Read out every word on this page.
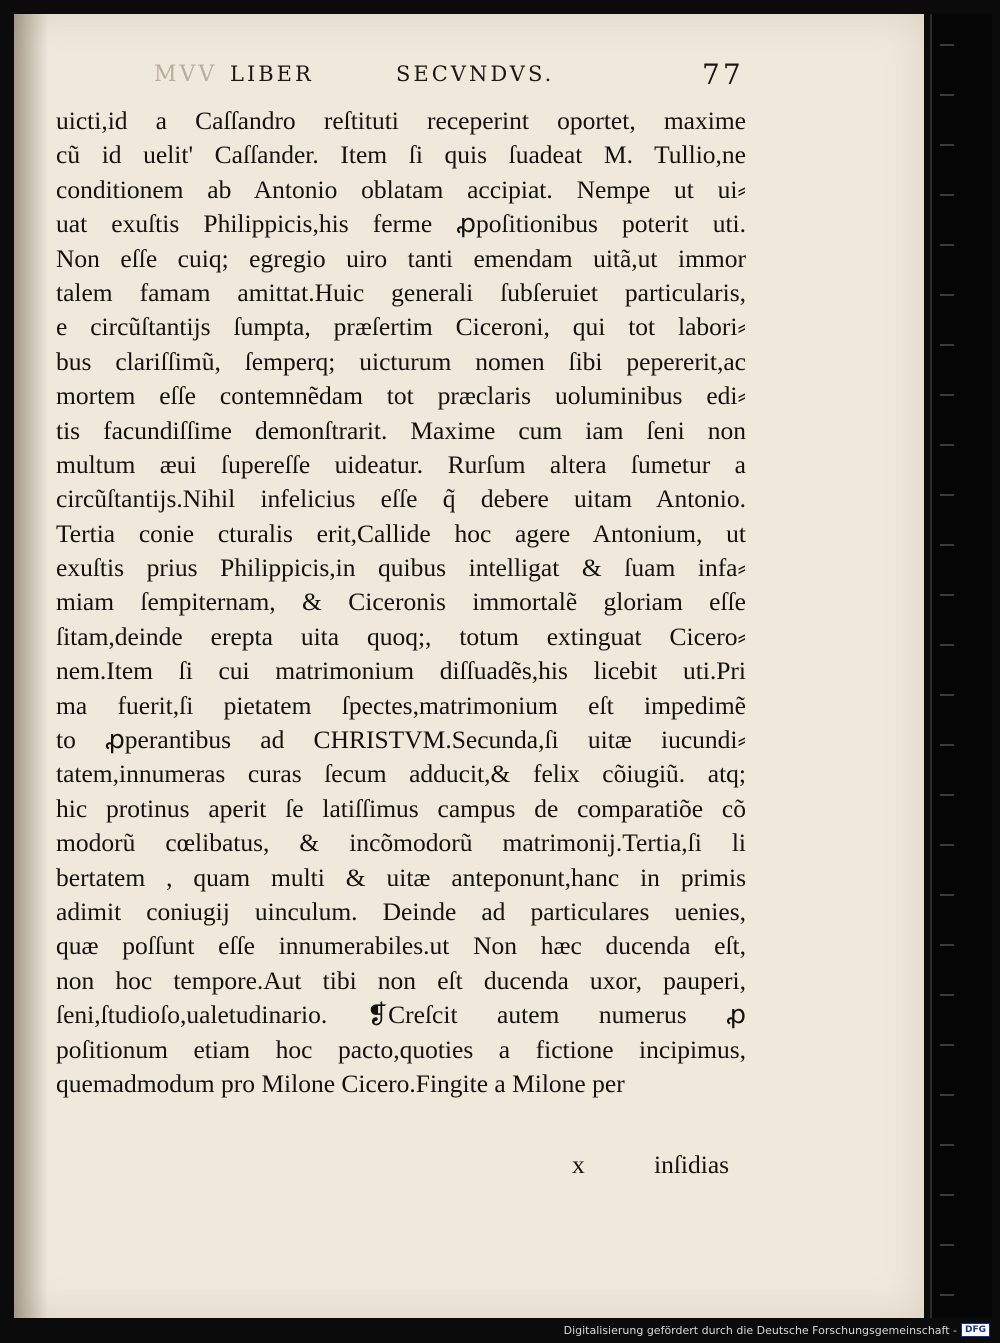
MVV LIBER	SECVNDVS.	77
uicti,id a Caſſandro reſtituti receperint oportet, maxime
cũ id uelit' Caſſander. Item ſi quis ſuadeat M. Tullio,ne
conditionem ab Antonio oblatam accipiat. Nempe ut ui⸗
uat exuſtis Philippicis,his ferme ꝓpoſitionibus poterit uti.
Non eſſe cuiq; egregio uiro tanti emendam uitã,ut immor
talem famam amittat.Huic generali ſubſeruiet particularis,
e circũſtantijs ſumpta, præſertim Ciceroni, qui tot labori⸗
bus clariſſimũ, ſemperq; uicturum nomen ſibi pepererit,ac
mortem eſſe contemnẽdam tot præclaris uoluminibus edi⸗
tis facundiſſime demonſtrarit. Maxime cum iam ſeni non
multum æui ſupereſſe uideatur. Rurſum altera ſumetur a
circũſtantijs.Nihil infelicius eſſe q̃ debere uitam Antonio.
Tertia conie cturalis erit,Callide hoc agere Antonium, ut
exuſtis prius Philippicis,in quibus intelligat & ſuam infa⸗
miam ſempiternam, & Ciceronis immortalẽ gloriam eſſe
ſitam,deinde erepta uita quoq;, totum extinguat Cicero⸗
nem.Item ſi cui matrimonium diſſuadẽs,his licebit uti.Pri
ma fuerit,ſi pietatem ſpectes,matrimonium eſt impedimẽ
to ꝓperantibus ad CHRISTVM.Secunda,ſi uitæ iucundi⸗
tatem,innumeras curas ſecum adducit,& felix cõiugiũ. atq;
hic protinus aperit ſe latiſſimus campus de comparatiõe cõ
modorũ cœlibatus, & incõmodorũ matrimonij.Tertia,ſi li
bertatem , quam multi & uitæ anteponunt,hanc in primis
adimit coniugij uinculum. Deinde ad particulares uenies,
quæ poſſunt eſſe innumerabiles.ut Non hæc ducenda eſt,
non hoc tempore.Aut tibi non eſt ducenda uxor, pauperi,
ſeni,ſtudioſo,ualetudinario. ❡Creſcit autem numerus ꝓ
poſitionum etiam hoc pacto,quoties a fictione incipimus,
quemadmodum pro Milone Cicero.Fingite a Milone per
x	inſidias
Digitalisierung gefördert durch die Deutsche Forschungsgemeinschaft - DFG
